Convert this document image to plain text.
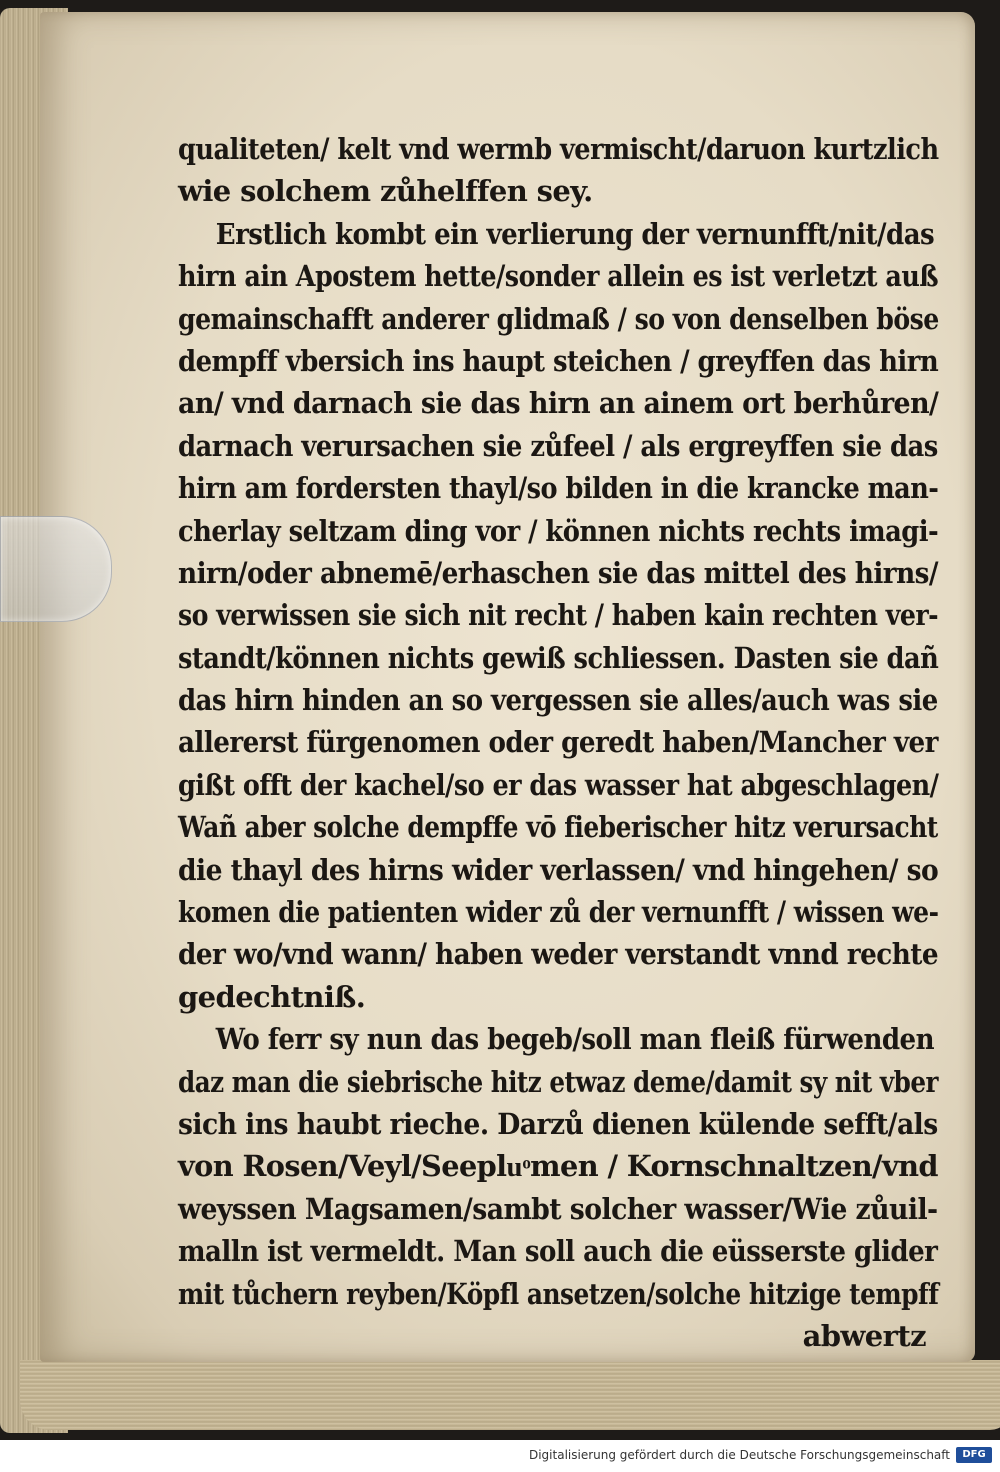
qualiteten/ kelt vnd wermb vermischt/daruon kurtzlich
wie solchem zůhelffen sey.
Erstlich kombt ein verlierung der vernunfft/nit/das
hirn ain Apostem hette/sonder allein es ist verletzt auß
gemainschafft anderer glidmaß / so von denselben böse
dempff vbersich ins haupt steichen / greyffen das hirn
an/ vnd darnach sie das hirn an ainem ort berhůren/
darnach verursachen sie zůfeel / als ergreyffen sie das
hirn am fordersten thayl/so bilden in die krancke man-
cherlay seltzam ding vor / können nichts rechts imagi-
nirn/oder abnemē/erhaschen sie das mittel des hirns/
so verwissen sie sich nit recht / haben kain rechten ver-
standt/können nichts gewiß schliessen. Dasten sie dañ
das hirn hinden an so vergessen sie alles/auch was sie
allererst fürgenomen oder geredt haben/Mancher ver
gißt offt der kachel/so er das wasser hat abgeschlagen/
Wañ aber solche dempffe vō fieberischer hitz verursacht
die thayl des hirns wider verlassen/ vnd hingehen/ so
komen die patienten wider zů der vernunfft / wissen we-
der wo/vnd wann/ haben weder verstandt vnnd rechte
gedechtniß.
Wo ferr sy nun das begeb/soll man fleiß fürwenden
daz man die siebrische hitz etwaz deme/damit sy nit vber
sich ins haubt rieche. Darzů dienen külende sefft/als
von Rosen/Veyl/Seepluͦmen / Kornschnaltzen/vnd
weyssen Magsamen/sambt solcher wasser/Wie zůuil-
malln ist vermeldt. Man soll auch die eüsserste glider
mit tůchern reyben/Köpfl ansetzen/solche hitzige tempff
abwertz
Digitalisierung gefördert durch die Deutsche Forschungsgemeinschaft	DFG
